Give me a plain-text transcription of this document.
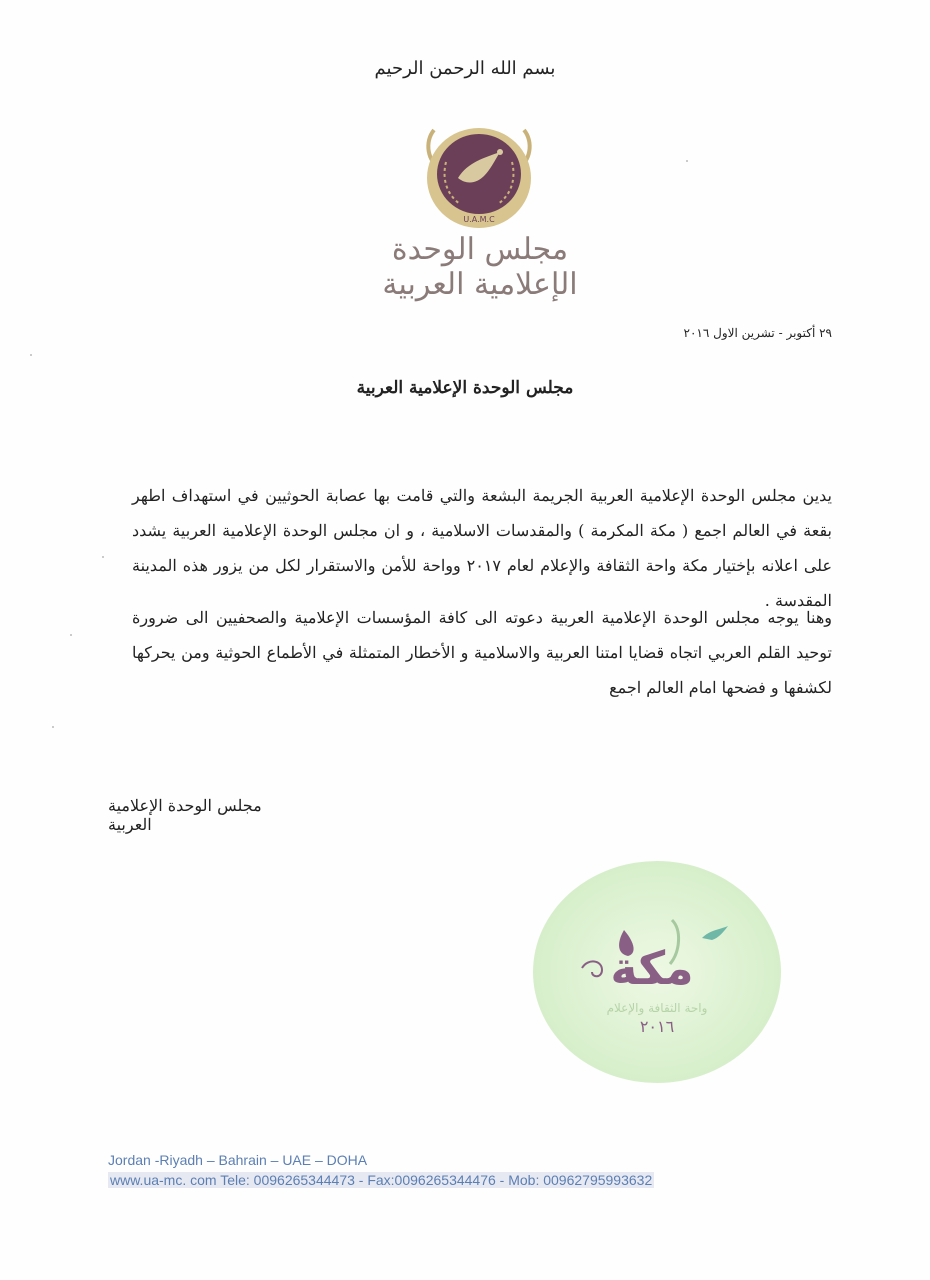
بسم الله الرحمن الرحيم
U.A.M.C
مجلس الوحدة الإعلامية العربية
٢٩ أكتوبر - تشرين الاول ٢٠١٦
مجلس الوحدة الإعلامية العربية
يدين مجلس الوحدة الإعلامية العربية الجريمة البشعة والتي قامت بها عصابة الحوثيين في استهداف اطهر بقعة في العالم اجمع ( مكة المكرمة ) والمقدسات الاسلامية ، و ان مجلس الوحدة الإعلامية العربية يشدد على اعلانه بإختيار مكة واحة الثقافة والإعلام لعام ٢٠١٧ وواحة للأمن والاستقرار لكل من يزور هذه المدينة المقدسة .
وهنا يوجه مجلس الوحدة الإعلامية العربية دعوته الى كافة المؤسسات الإعلامية والصحفيين الى ضرورة توحيد القلم العربي اتجاه قضايا امتنا العربية والاسلامية و الأخطار المتمثلة في الأطماع الحوثية ومن يحركها لكشفها و فضحها امام العالم اجمع
مجلس الوحدة الإعلامية العربية
مكة
واحة الثقافة والإعلام
٢٠١٦
Jordan -Riyadh – Bahrain – UAE – DOHA
www.ua-mc. com Tele: 0096265344473 - Fax:0096265344476 - Mob: 00962795993632
